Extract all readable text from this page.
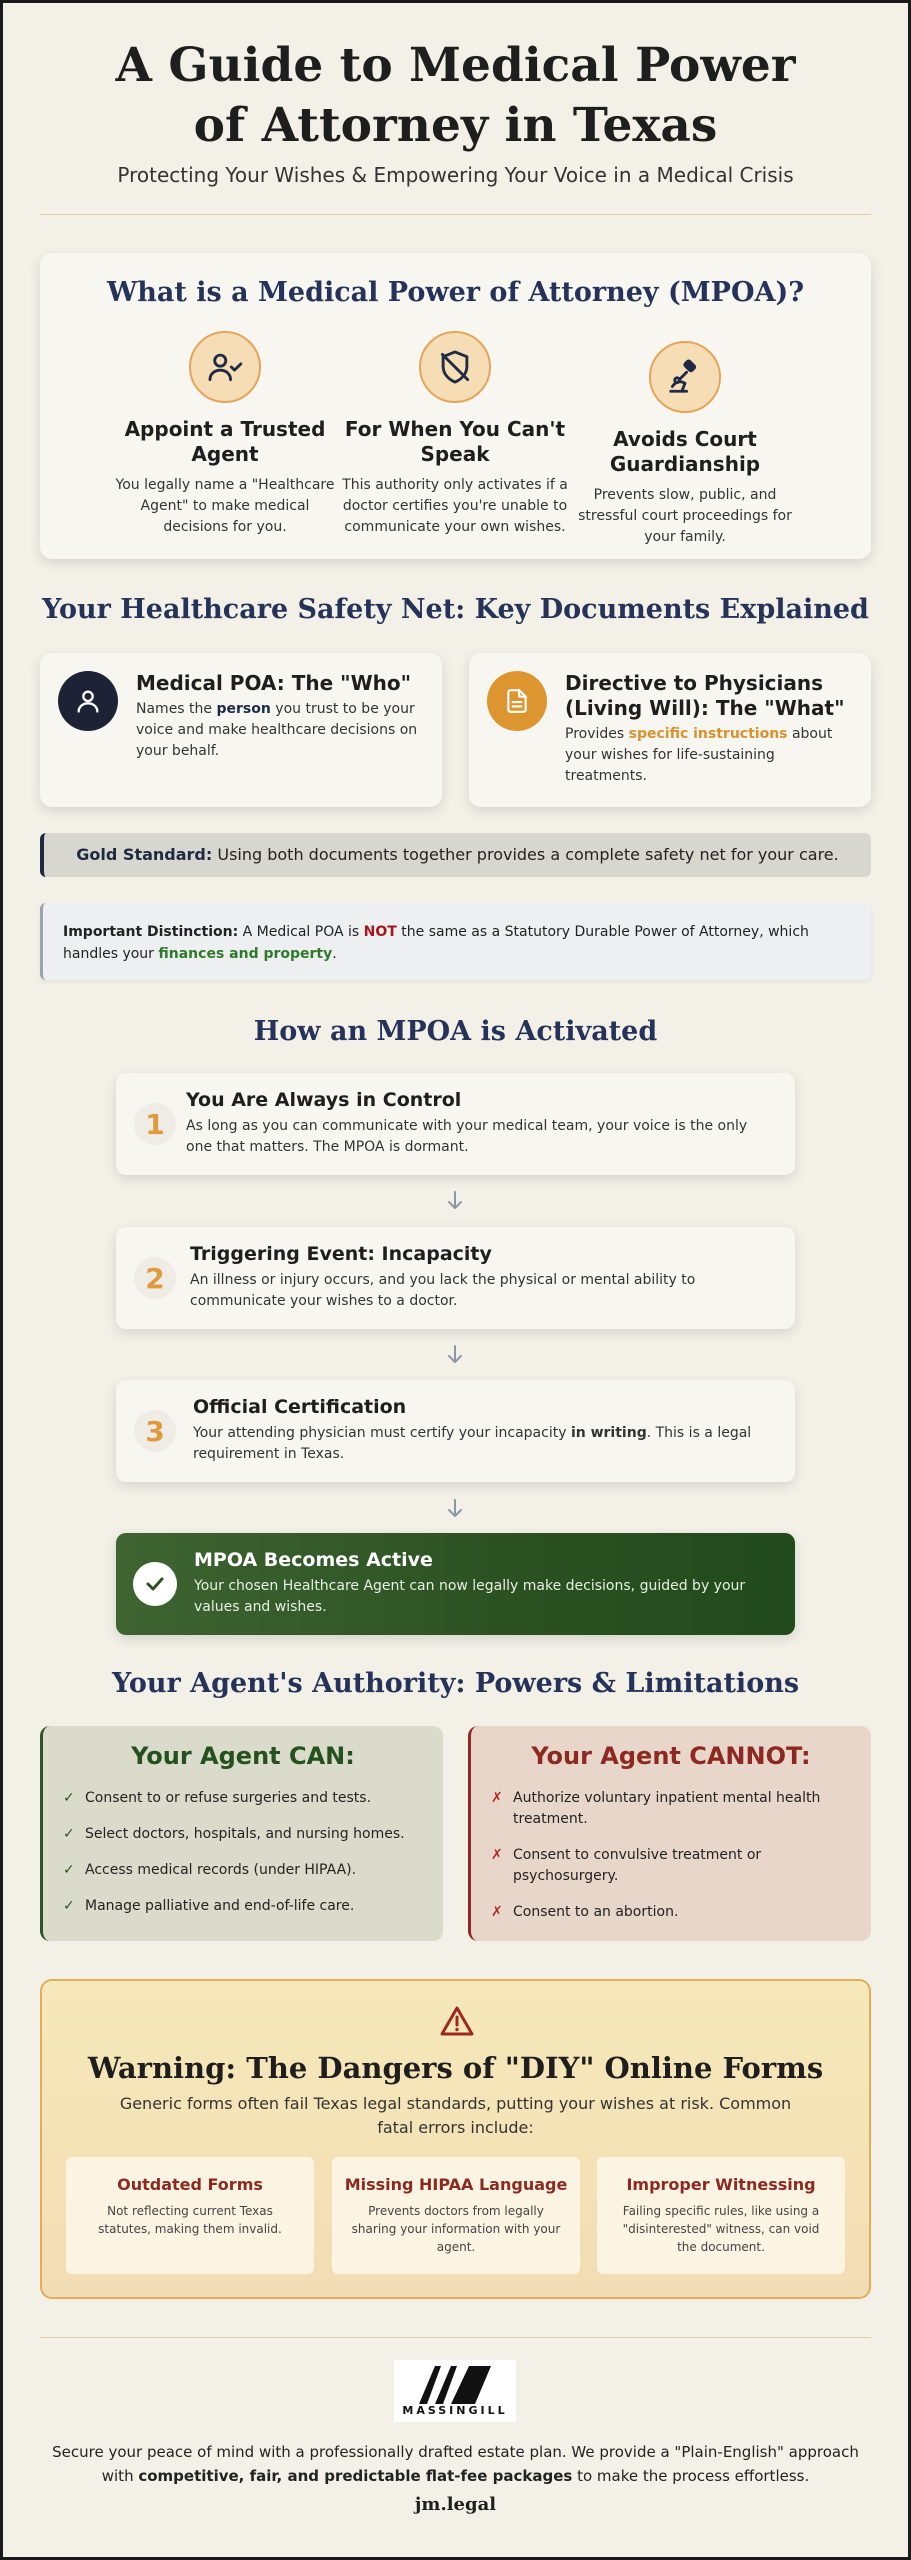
A Guide to Medical Power of Attorney in Texas
Protecting Your Wishes & Empowering Your Voice in a Medical Crisis
What is a Medical Power of Attorney (MPOA)?
Appoint a Trusted Agent
You legally name a "Healthcare Agent" to make medical decisions for you.
For When You Can't Speak
This authority only activates if a doctor certifies you're unable to communicate your own wishes.
Avoids Court Guardianship
Prevents slow, public, and stressful court proceedings for your family.
Your Healthcare Safety Net: Key Documents Explained
Medical POA: The "Who"
Names the person you trust to be your voice and make healthcare decisions on your behalf.
Directive to Physicians (Living Will): The "What"
Provides specific instructions about your wishes for life-sustaining treatments.
Gold Standard: Using both documents together provides a complete safety net for your care.
Important Distinction: A Medical POA is NOT the same as a Statutory Durable Power of Attorney, which handles your finances and property.
How an MPOA is Activated
1
You Are Always in Control
As long as you can communicate with your medical team, your voice is the only one that matters. The MPOA is dormant.
2
Triggering Event: Incapacity
An illness or injury occurs, and you lack the physical or mental ability to communicate your wishes to a doctor.
3
Official Certification
Your attending physician must certify your incapacity in writing. This is a legal requirement in Texas.
MPOA Becomes Active
Your chosen Healthcare Agent can now legally make decisions, guided by your values and wishes.
Your Agent's Authority: Powers & Limitations
Your Agent CAN:
✓ Consent to or refuse surgeries and tests.
✓ Select doctors, hospitals, and nursing homes.
✓ Access medical records (under HIPAA).
✓ Manage palliative and end-of-life care.
Your Agent CANNOT:
✗ Authorize voluntary inpatient mental health treatment.
✗ Consent to convulsive treatment or psychosurgery.
✗ Consent to an abortion.
Warning: The Dangers of "DIY" Online Forms
Generic forms often fail Texas legal standards, putting your wishes at risk. Common fatal errors include:
Outdated Forms
Not reflecting current Texas statutes, making them invalid.
Missing HIPAA Language
Prevents doctors from legally sharing your information with your agent.
Improper Witnessing
Failing specific rules, like using a "disinterested" witness, can void the document.
MASSINGILL
Secure your peace of mind with a professionally drafted estate plan. We provide a "Plain-English" approach with competitive, fair, and predictable flat-fee packages to make the process effortless.
jm.legal
